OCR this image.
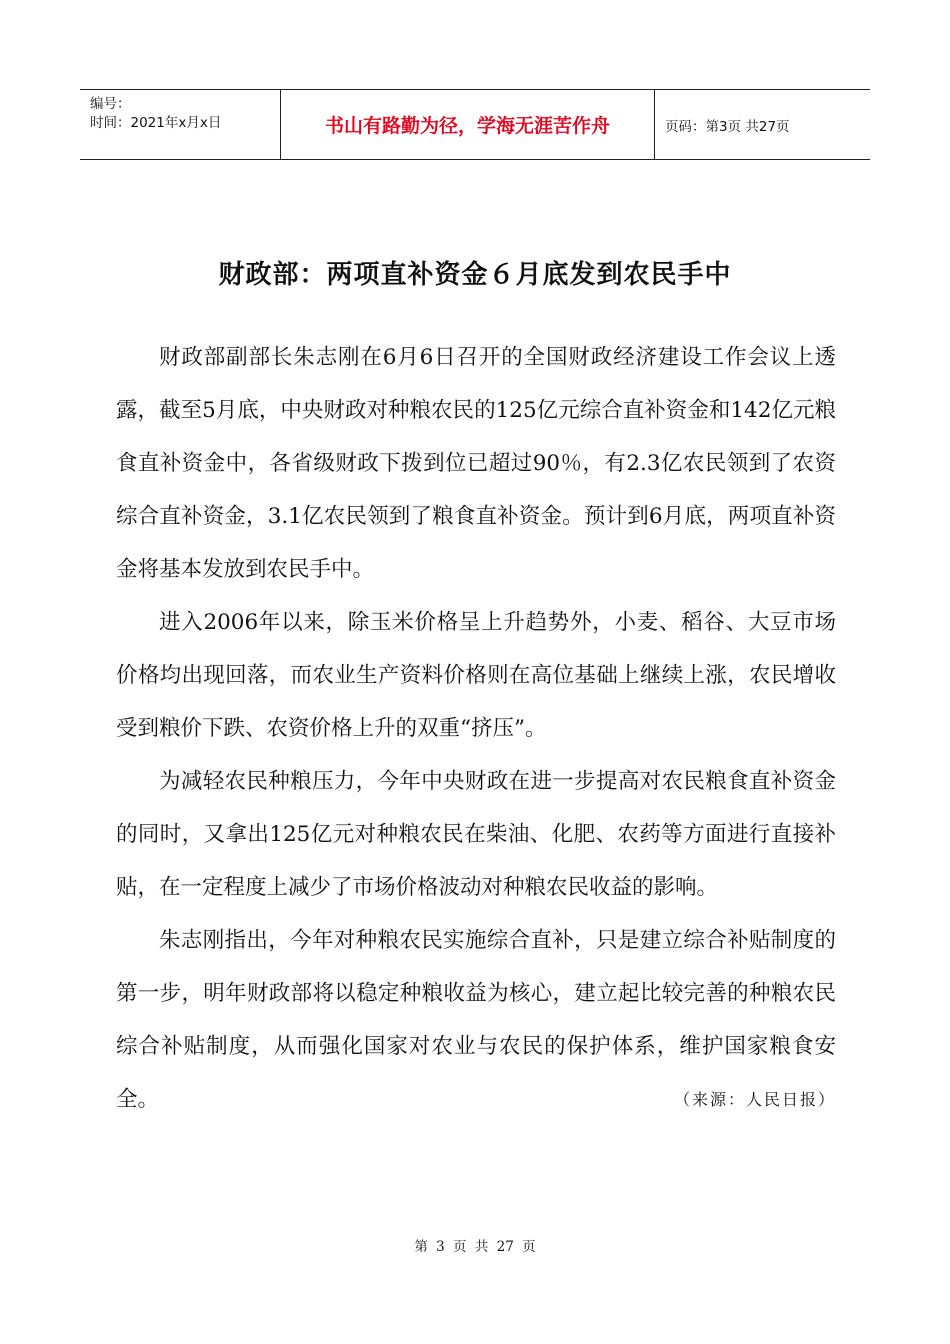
编号：
时间：2021年x月x日	书山有路勤为径，学海无涯苦作舟	页码：第3页 共27页
财政部：两项直补资金６月底发到农民手中

财政部副部长朱志刚在6月6日召开的全国财政经济建设工作会议上透露，截至5月底，中央财政对种粮农民的125亿元综合直补资金和142亿元粮食直补资金中，各省级财政下拨到位已超过90％，有2.3亿农民领到了农资综合直补资金，3.1亿农民领到了粮食直补资金。预计到6月底，两项直补资金将基本发放到农民手中。

进入2006年以来，除玉米价格呈上升趋势外，小麦、稻谷、大豆市场价格均出现回落，而农业生产资料价格则在高位基础上继续上涨，农民增收受到粮价下跌、农资价格上升的双重“挤压”。

为减轻农民种粮压力，今年中央财政在进一步提高对农民粮食直补资金的同时，又拿出125亿元对种粮农民在柴油、化肥、农药等方面进行直接补贴，在一定程度上减少了市场价格波动对种粮农民收益的影响。

朱志刚指出，今年对种粮农民实施综合直补，只是建立综合补贴制度的第一步，明年财政部将以稳定种粮收益为核心，建立起比较完善的种粮农民综合补贴制度，从而强化国家对农业与农民的保护体系，维护国家粮食安全。	（来源：人民日报）

第 3 页 共 27 页
